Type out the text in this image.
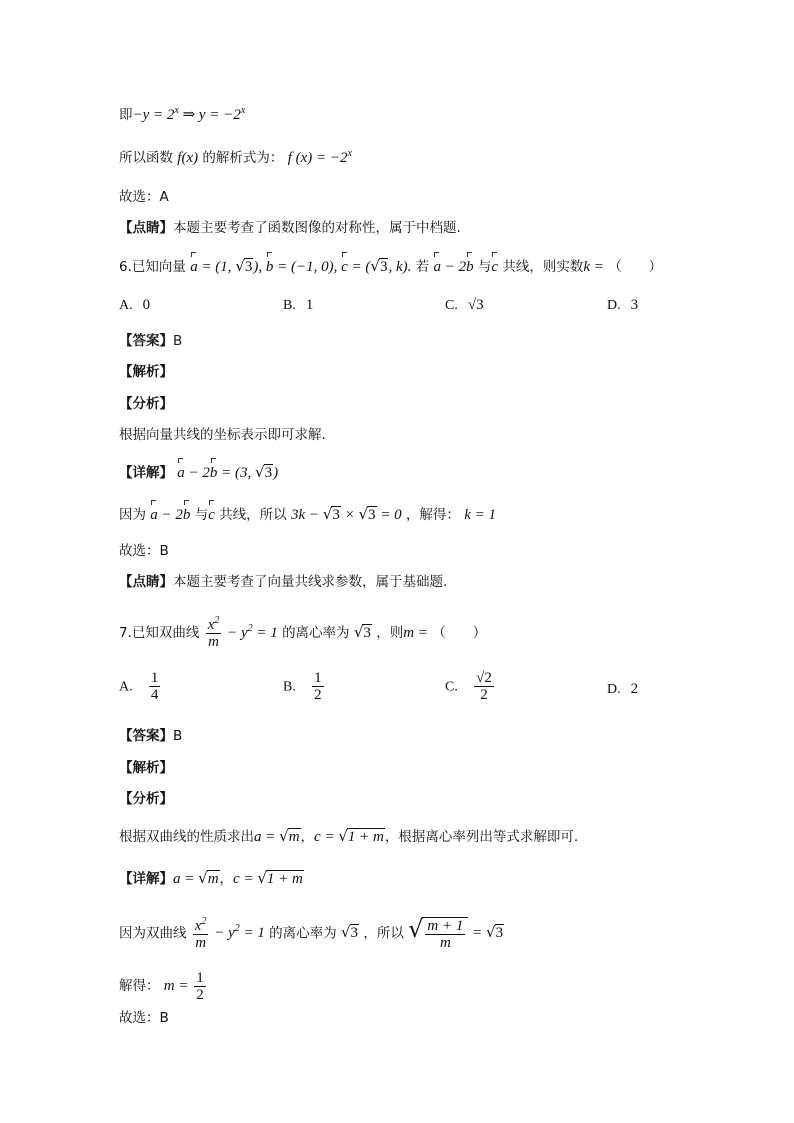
即$-y = 2^x$ ⇒ $y = -2^x$
所以函数 f(x) 的解析式为： f $(x) = -2^x$
故选：A
【点睛】本题主要考查了函数图像的对称性，属于中档题.
6.已知向量 a = (1, √3), b = (−1, 0), c = (√3, k). 若 a − 2b 与c 共线，则实数k = （　　）
A. 0	B. 1	C. √3	D. 3
【答案】B
【解析】
【分析】
根据向量共线的坐标表示即可求解.
【详解】 a − 2b = (3, √3)
因为 a − 2b 与c 共线，所以 3k − √3 × √3 = 0 ，解得： k = 1
故选：B
【点睛】本题主要考查了向量共线求参数，属于基础题.
7.已知双曲线 $\frac{x^2}{m} - y^2 = 1$ 的离心率为 √3 ，则m = （　　）
A. $\frac{1}{4}$	B. $\frac{1}{2}$	C. $\frac{√2}{2}$	D. 2
【答案】B
【解析】
【分析】
根据双曲线的性质求出a = √m，c = √1 + m，根据离心率列出等式求解即可.
【详解】a = √m，c = √1 + m
因为双曲线 $\frac{x^2}{m} - y^2 = 1$ 的离心率为 √3 ，所以 √ $\frac{m + 1}{m} = √3$
解得： $m = \frac{1}{2}$
故选：B
